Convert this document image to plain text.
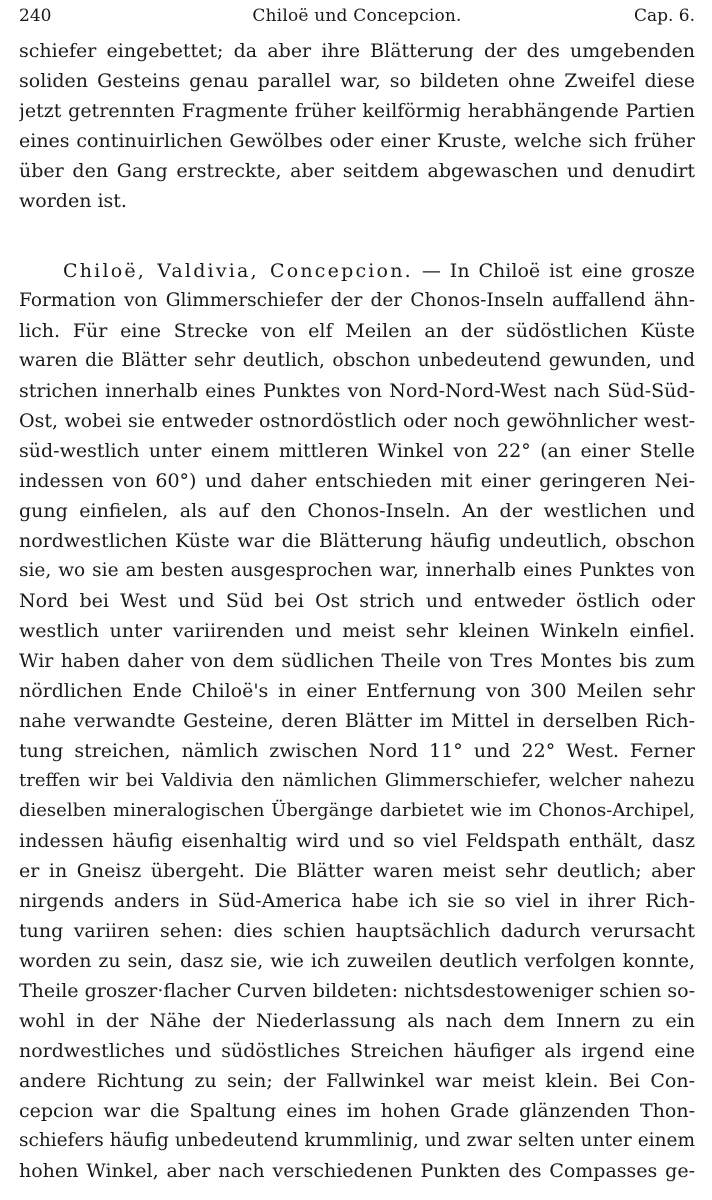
240	Chiloë und Concepcion.	Cap. 6.
schiefer eingebettet; da aber ihre Blätterung der des umgebenden
soliden Gesteins genau parallel war, so bildeten ohne Zweifel diese
jetzt getrennten Fragmente früher keilförmig herabhängende Partien
eines continuirlichen Gewölbes oder einer Kruste, welche sich früher
über den Gang erstreckte, aber seitdem abgewaschen und denudirt
worden ist.
Chiloë, Valdivia, Concepcion. — In Chiloë ist eine grosze
Formation von Glimmerschiefer der der Chonos-Inseln auffallend ähn-
lich. Für eine Strecke von elf Meilen an der südöstlichen Küste
waren die Blätter sehr deutlich, obschon unbedeutend gewunden, und
strichen innerhalb eines Punktes von Nord-Nord-West nach Süd-Süd-
Ost, wobei sie entweder ostnordöstlich oder noch gewöhnlicher west-
süd-westlich unter einem mittleren Winkel von 22° (an einer Stelle
indessen von 60°) und daher entschieden mit einer geringeren Nei-
gung einfielen, als auf den Chonos-Inseln. An der westlichen und
nordwestlichen Küste war die Blätterung häufig undeutlich, obschon
sie, wo sie am besten ausgesprochen war, innerhalb eines Punktes von
Nord bei West und Süd bei Ost strich und entweder östlich oder
westlich unter variirenden und meist sehr kleinen Winkeln einfiel.
Wir haben daher von dem südlichen Theile von Tres Montes bis zum
nördlichen Ende Chiloë's in einer Entfernung von 300 Meilen sehr
nahe verwandte Gesteine, deren Blätter im Mittel in derselben Rich-
tung streichen, nämlich zwischen Nord 11° und 22° West. Ferner
treffen wir bei Valdivia den nämlichen Glimmerschiefer, welcher nahezu
dieselben mineralogischen Übergänge darbietet wie im Chonos-Archipel,
indessen häufig eisenhaltig wird und so viel Feldspath enthält, dasz
er in Gneisz übergeht. Die Blätter waren meist sehr deutlich; aber
nirgends anders in Süd-America habe ich sie so viel in ihrer Rich-
tung variiren sehen: dies schien hauptsächlich dadurch verursacht
worden zu sein, dasz sie, wie ich zuweilen deutlich verfolgen konnte,
Theile groszer·flacher Curven bildeten: nichtsdestoweniger schien so-
wohl in der Nähe der Niederlassung als nach dem Innern zu ein
nordwestliches und südöstliches Streichen häufiger als irgend eine
andere Richtung zu sein; der Fallwinkel war meist klein. Bei Con-
cepcion war die Spaltung eines im hohen Grade glänzenden Thon-
schiefers häufig unbedeutend krummlinig, und zwar selten unter einem
hohen Winkel, aber nach verschiedenen Punkten des Compasses ge-
